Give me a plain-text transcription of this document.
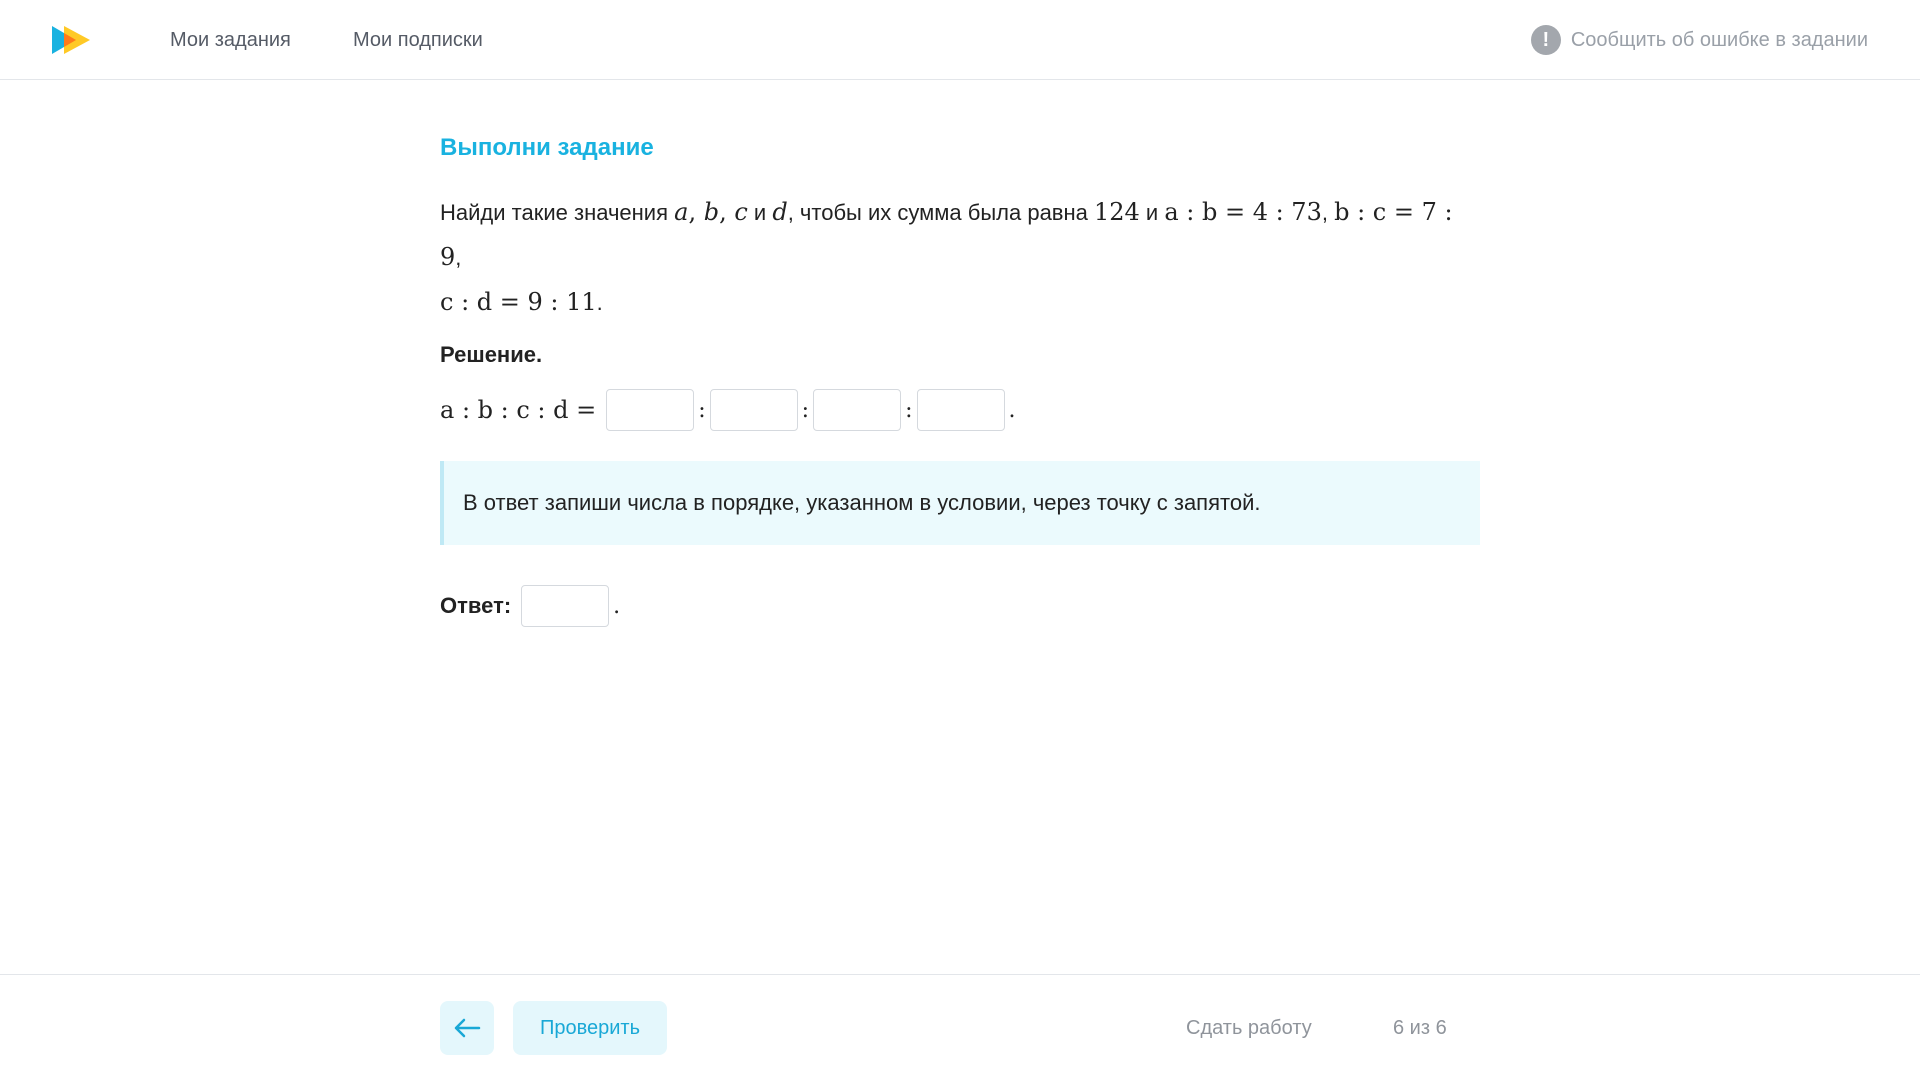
Мои задания	Мои подписки	!	Сообщить об ошибке в задании
Выполни задание
Найди такие значения a, b, c и d, чтобы их сумма была равна 124 и a : b = 4 : 73, b : c = 7 : 9,
c : d = 9 : 11.
Решение.
a : b : c : d =	:	:	:	.
В ответ запиши числа в порядке, указанном в условии, через точку с запятой.
Ответ:	.
Проверить	Сдать работу	6 из 6
